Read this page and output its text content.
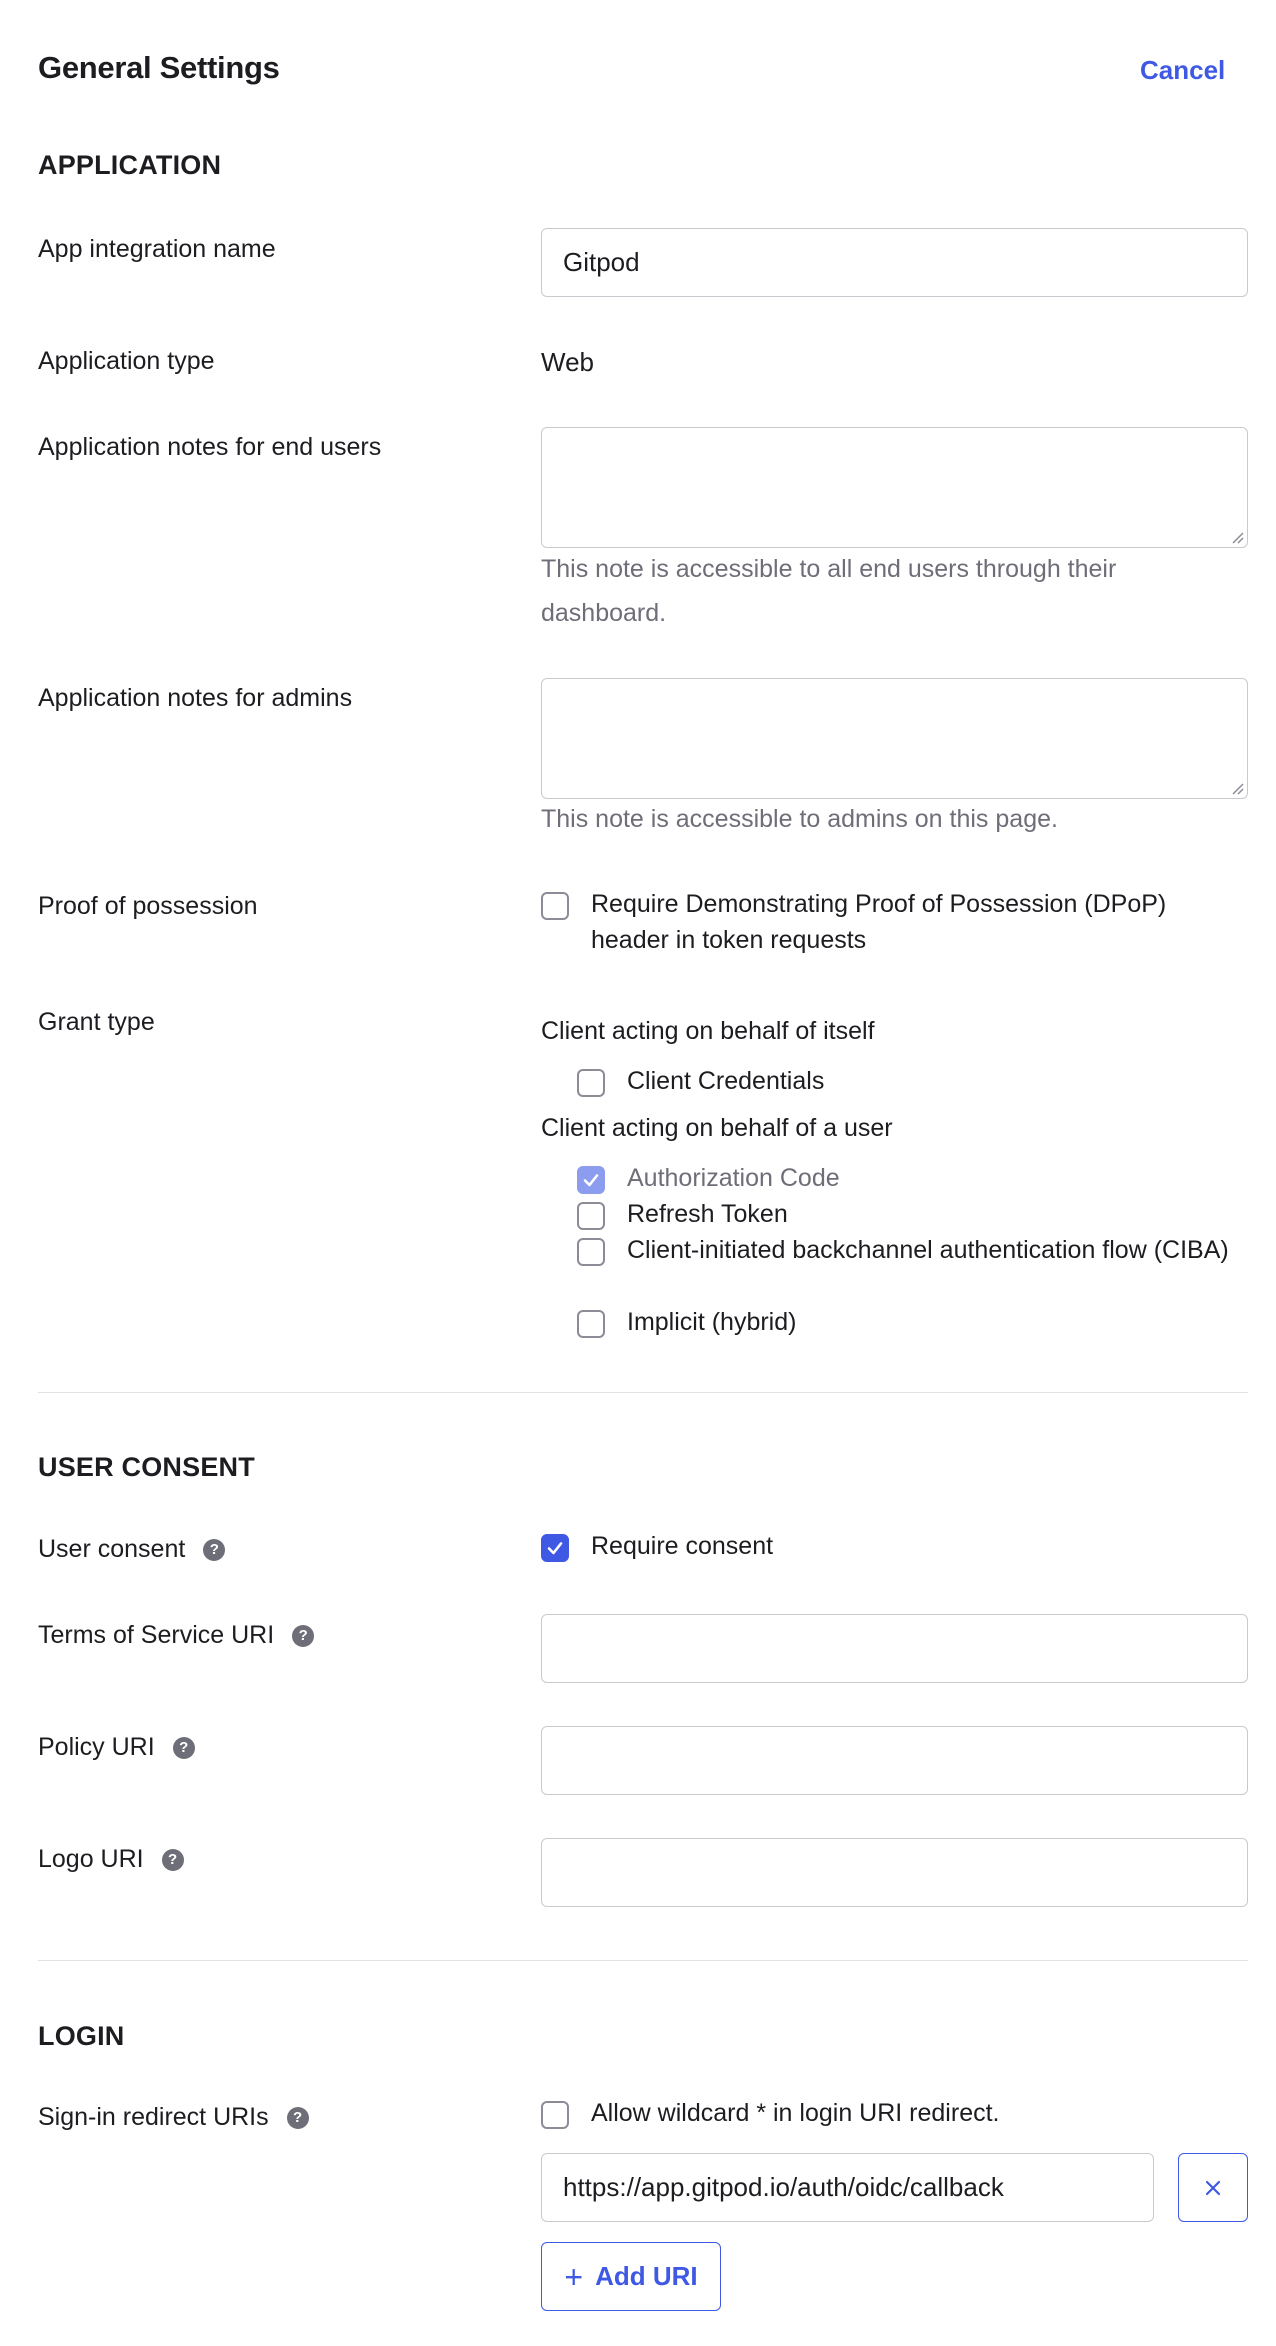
General Settings	Cancel
APPLICATION
App integration name	Gitpod
Application type	Web
Application notes for end users
This note is accessible to all end users through their dashboard.
Application notes for admins
This note is accessible to admins on this page.
Proof of possession	Require Demonstrating Proof of Possession (DPoP) header in token requests
Grant type	Client acting on behalf of itself
Client Credentials
Client acting on behalf of a user
Authorization Code
Refresh Token
Client-initiated backchannel authentication flow (CIBA)
Implicit (hybrid)
USER CONSENT
User consent	?	Require consent
Terms of Service URI	?
Policy URI	?
Logo URI	?
LOGIN
Sign-in redirect URIs	?	Allow wildcard * in login URI redirect.
https://app.gitpod.io/auth/oidc/callback
+ Add URI
